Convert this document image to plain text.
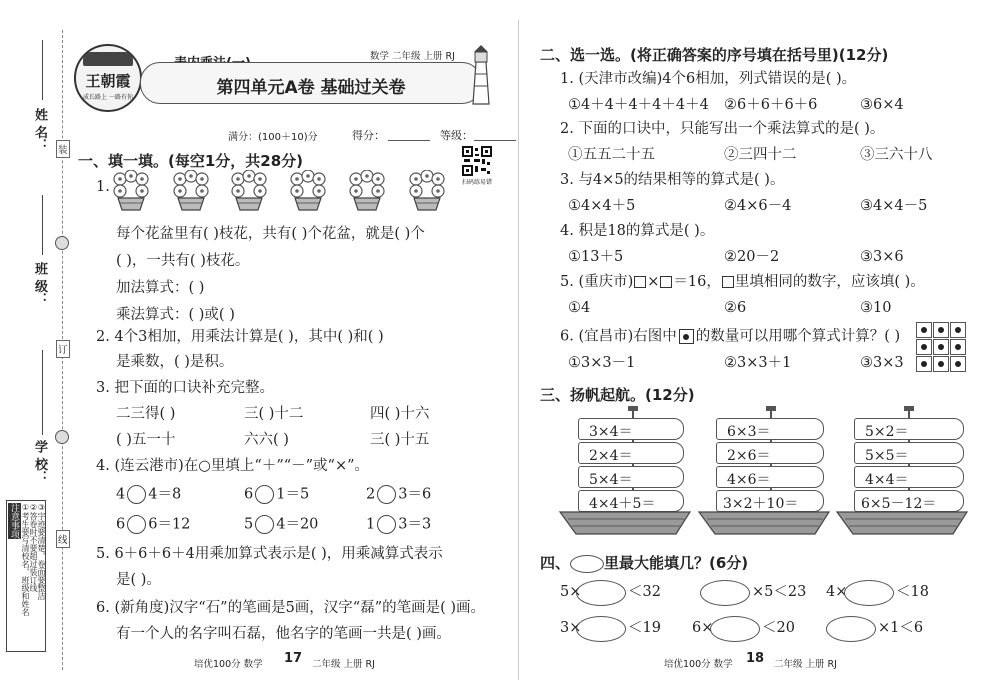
姓 名：
班 级：
学 校：
装
订
线
注意事项 ①考生要写清校名，班级和姓名 ②答卷时不要超过装订线 ③字迹要清楚，卷面要整洁
王朝霞
成长路上 一路有你
数学 二年级 上册 RJ
第四单元A卷 基础过关卷
满分：(100＋10)分	得分：	等级：
扫码练易错
一、填一填。(每空1分，共28分)
1.
每个花盆里有( )枝花，共有( )个花盆，就是( )个
( )，一共有( )枝花。
加法算式：( )
乘法算式：( )或( )
2. 4个3相加，用乘法计算是( )，其中( )和( )
是乘数，( )是积。
3. 把下面的口诀补充完整。
二三得( )	三( )十二	四( )十六
( )五一十	六六( )	三( )十五
4. (连云港市)在○里填上“＋”“－”或“×”。
4 4＝8	6 1＝5	2 3＝6
6 6＝12	5 4＝20	1 3＝3
5. 6＋6＋6＋4用乘加算式表示是( )，用乘减算式表示
是( )。
6. (新角度)汉字“石”的笔画是5画，汉字“磊”的笔画是( )画。
有一个人的名字叫石磊，他名字的笔画一共是( )画。
二、选一选。(将正确答案的序号填在括号里)(12分)
1. (天津市改编)4个6相加，列式错误的是( )。
①4＋4＋4＋4＋4＋4 ②6＋6＋6＋6	③6×4
2. 下面的口诀中，只能写出一个乘法算式的是( )。
①五五二十五	②三四十二	③三六十八
3. 与4×5的结果相等的算式是( )。
①4×4＋5	②4×6－4	③4×4－5
4. 积是18的算式是( )。
①13＋5	②20－2	③3×6
5. (重庆市) × ＝16， 里填相同的数字，应该填( )。
①4	②6	③10
6. (宜昌市)右图中 的数量可以用哪个算式计算？( )
①3×3－1	②3×3＋1	③3×3
三、扬帆起航。(12分)
3×4＝
2×4＝
5×4＝
4×4＋5＝
6×3＝
2×6＝
4×6＝
3×2＋10＝
5×2＝
5×5＝
4×4＝
6×5－12＝
四、 里最大能填几？(6分)
5×	＜32	×5＜23 4×	＜18
3×	＜19 6×	＜20	×1＜6
培优100分 数学 17 二年级 上册 RJ	培优100分 数学 18 二年级 上册 RJ
